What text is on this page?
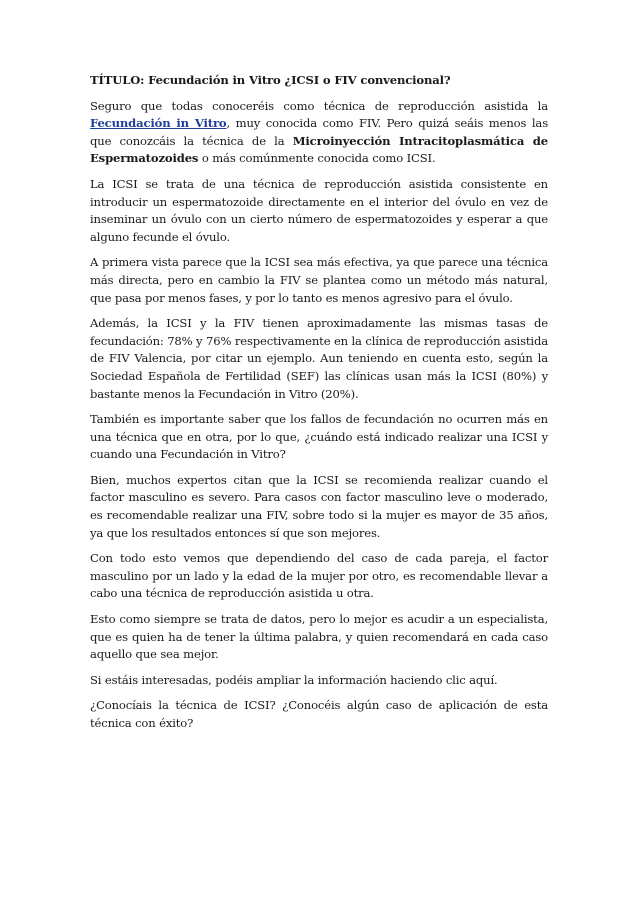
TÍTULO: Fecundación in Vitro ¿ICSI o FIV convencional?

Seguro que todas conoceréis como técnica de reproducción asistida la Fecundación in Vitro, muy conocida como FIV. Pero quizá seáis menos las que conozcáis la técnica de la Microinyección Intracitoplasmática de Espermatozoides o más comúnmente conocida como ICSI.

La ICSI se trata de una técnica de reproducción asistida consistente en introducir un espermatozoide directamente en el interior del óvulo en vez de inseminar un óvulo con un cierto número de espermatozoides y esperar a que alguno fecunde el óvulo.

A primera vista parece que la ICSI sea más efectiva, ya que parece una técnica más directa, pero en cambio la FIV se plantea como un método más natural, que pasa por menos fases, y por lo tanto es menos agresivo para el óvulo.

Además, la ICSI y la FIV tienen aproximadamente las mismas tasas de fecundación: 78% y 76% respectivamente en la clínica de reproducción asistida de FIV Valencia, por citar un ejemplo. Aun teniendo en cuenta esto, según la Sociedad Española de Fertilidad (SEF) las clínicas usan más la ICSI (80%) y bastante menos la Fecundación in Vitro (20%).

También es importante saber que los fallos de fecundación no ocurren más en una técnica que en otra, por lo que, ¿cuándo está indicado realizar una ICSI y cuando una Fecundación in Vitro?

Bien, muchos expertos citan que la ICSI se recomienda realizar cuando el factor masculino es severo. Para casos con factor masculino leve o moderado, es recomendable realizar una FIV, sobre todo si la mujer es mayor de 35 años, ya que los resultados entonces sí que son mejores.

Con todo esto vemos que dependiendo del caso de cada pareja, el factor masculino por un lado y la edad de la mujer por otro, es recomendable llevar a cabo una técnica de reproducción asistida u otra.

Esto como siempre se trata de datos, pero lo mejor es acudir a un especialista, que es quien ha de tener la última palabra, y quien recomendará en cada caso aquello que sea mejor.

Si estáis interesadas, podéis ampliar la información haciendo clic aquí.

¿Conocíais la técnica de ICSI? ¿Conocéis algún caso de aplicación de esta técnica con éxito?
